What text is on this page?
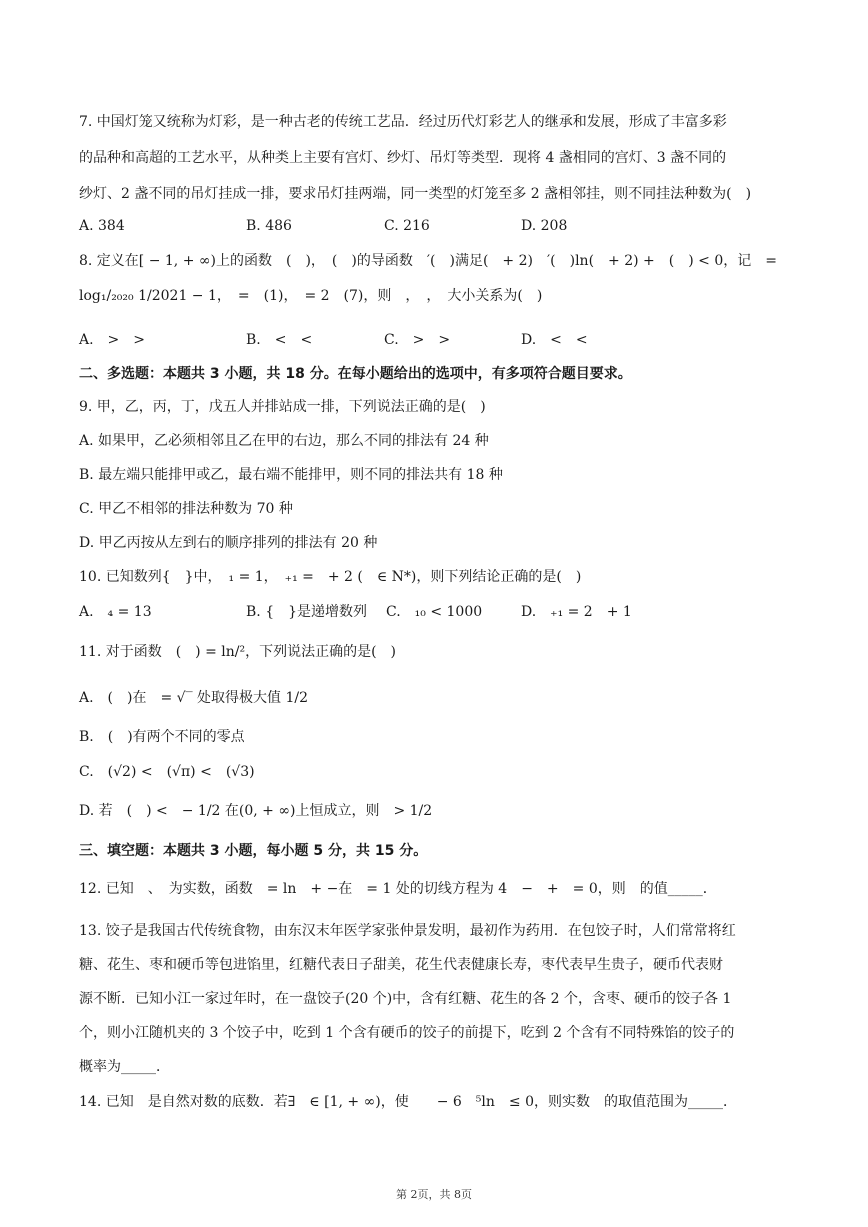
7. 中国灯笼又统称为灯彩，是一种古老的传统工艺品．经过历代灯彩艺人的继承和发展，形成了丰富多彩
的品种和高超的工艺水平，从种类上主要有宫灯、纱灯、吊灯等类型．现将 4 盏相同的宫灯、3 盏不同的
纱灯、2 盏不同的吊灯挂成一排，要求吊灯挂两端，同一类型的灯笼至多 2 盏相邻挂，则不同挂法种数为(　)
A. 384	B. 486	C. 216	D. 208
8. 定义在[ − 1, + ∞)上的函数　(　)，　(　)的导函数　′(　)满足(　+ 2)　′(　)ln(　+ 2) +　(　) < 0，记　=
log₁/₂₀₂₀ 1/2021 − 1，　=　(1)，　= 2　(7)，则　，　，　大小关系为(　)
A.　>　>	B.　<　<	C.　>　>	D.　<　<
二、多选题：本题共 3 小题，共 18 分。在每小题给出的选项中，有多项符合题目要求。
9. 甲，乙，丙，丁，戊五人并排站成一排，下列说法正确的是(　)
A. 如果甲，乙必须相邻且乙在甲的右边，那么不同的排法有 24 种
B. 最左端只能排甲或乙，最右端不能排甲，则不同的排法共有 18 种
C. 甲乙不相邻的排法种数为 70 种
D. 甲乙丙按从左到右的顺序排列的排法有 20 种
10. 已知数列{　}中，　₁ = 1，　₊₁ =　+ 2 (　∈ N*)，则下列结论正确的是(　)
A.　₄ = 13	B. {　}是递增数列 C.　₁₀ < 1000	D.　₊₁ = 2　+ 1
11. 对于函数　(　) = ln/²，下列说法正确的是(　)
A.　(　)在　= √‾ 处取得极大值 1/2
B.　(　)有两个不同的零点
C.　(√2) <　(√π) <　(√3)
D. 若　(　) <　− 1/2 在(0, + ∞)上恒成立，则　> 1/2
三、填空题：本题共 3 小题，每小题 5 分，共 15 分。
12. 已知　、　为实数，函数　= ln　+ −在　= 1 处的切线方程为 4　−　+　= 0，则　的值_____．
13. 饺子是我国古代传统食物，由东汉末年医学家张仲景发明，最初作为药用．在包饺子时，人们常常将红
糖、花生、枣和硬币等包进馅里，红糖代表日子甜美，花生代表健康长寿，枣代表早生贵子，硬币代表财
源不断．已知小江一家过年时，在一盘饺子(20 个)中，含有红糖、花生的各 2 个，含枣、硬币的饺子各 1
个，则小江随机夹的 3 个饺子中，吃到 1 个含有硬币的饺子的前提下，吃到 2 个含有不同特殊馅的饺子的
概率为_____．
14. 已知　是自然对数的底数．若∃　∈ [1, + ∞)，使　　− 6　⁵ln　≤ 0，则实数　的取值范围为_____．
第 2页，共 8页
